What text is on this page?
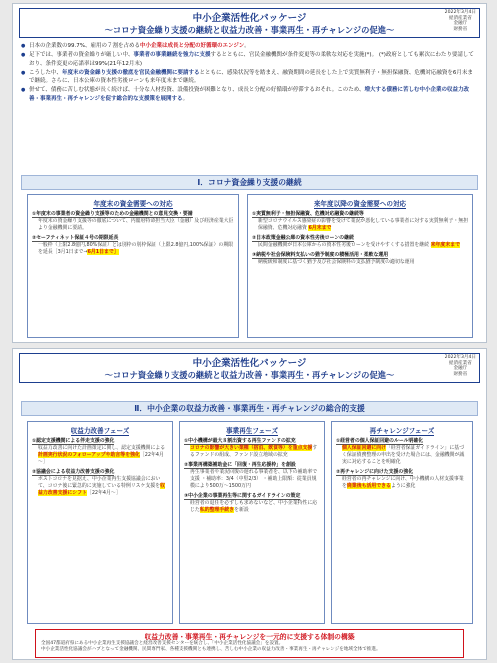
中小企業活性化パッケージ
～コロナ資金繰り支援の継続と収益力改善・事業再生・再チャレンジの促進～
2022年3月4日
経済産業省
金融庁
財務省
● 日本の企業数の99.7%、雇用の７割を占める中小企業は成長と分配の好循環のエンジン。
● 足下では、事業者の資金繰りが厳しい中、事業者の事業継続を強力に支援するとともに、官民金融機関が条件変更等の柔軟な対応を実施(*)。 (*)政府としても累次にわたり要請しており、条件変更の応諾率は99%(21年12月末)
● こうした中、年度末の資金繰り支援の徹底を官民金融機関に要請するとともに、感染状況等を踏まえ、融資期間の延長をした上で実質無利子・無担保融資、危機対応融資を6月末まで継続。さらに、日本公庫の資本性劣後ローンも来年度末まで継続。
● 併せて、債務に苦しむ状態が長く続けば、十分な人材投資、設備投資が困難となり、成長と分配の好循環が停滞するおそれ。このため、増大する債務に苦しむ中小企業の収益力改善・事業再生・再チャレンジを促す総合的な支援策を展開する。
Ⅰ．コロナ資金繰り支援の継続
年度末の資金需要への対応
①年度末の事業者の資金繰り支援等のための金融機関との意見交換・要請
年度末の資金繰り支援等の徹底について、内閣府特命担当大臣（金融）及び経済産業大臣より金融機関に要請。
②セーフティネット保証４号の期限延長
一般枠（上限2.8億円,80%保証）とは別枠の別枠保証（上限2.8億円,100%保証）の期限を延長［3月1日まで→6月1日まで］
来年度以降の資金需要への対応
①実質無利子・無担保融資、危機対応融資の継続等
新型コロナウイルス感染症の影響を受けて業況が悪化している事業者に対する実質無利子・無担保融資、危機対応融資 6月末まで
②日本政策金融公庫の資本性劣後ローンの継続
民間金融機関が日本公庫からの資本性劣後ローンを受けやすくする措置を継続 来年度末まで
③納税や社会保険料支払いの猶予制度の積極活用・柔軟な運用
納税緩和制度に基づく猶予及び社会保険料の支払猶予制度の適切な運用
中小企業活性化パッケージ
～コロナ資金繰り支援の継続と収益力改善・事業再生・再チャレンジの促進～
2022年3月4日
経済産業省
金融庁
財務省
Ⅱ．中小企業の収益力改善・事業再生・再チャレンジの総合的支援
収益力改善フェーズ
①認定支援機関による伴走支援の強化
収益力改善に向けた計画策定に関し、認定支援機関による計画実行状況のフォローアップや助言等を強化［22年4月～］
②協議会による収益力改善支援の強化
ポストコロナを見据え、中小企業再生支援協議会において、コロナ後に緊急的に実施している特例リスケ支援を収益力改善支援にシフト［22年4月～］
事業再生フェーズ
①中小機構が最大８割出資する再生ファンドの拡充
コロナの影響が大きい業種（宿泊、飲食等）を重点支援するファンドの組成、ファンド設立地域の拡充
②事業再構築補助金に「回復・再生応援枠」を創設
再生事業者や業況回復の遅れる事業者を、以下の補助率で支援 ・補助率：3/4（中堅2/3） ・補助上限額：従業員規模により500万～1500万円
③中小企業の事業再生等に関するガイドラインの策定
経営者の退任を必ずしも求めないなど、中小企業特性に応じた私的整理手続きを新設
再チャレンジフェーズ
①経営者の個人保証回避のルール明確化
個人保証回避に向け「経営者保証ガイドライン」に基づく保証債務整理の申出を受けた場合には、金融機関が誠実に対応することを明確化
②再チャレンジに向けた支援の強化
経営者の再チャレンジに向け、中小機構の人材支援事業を廃業後も活用できるように強化
収益力改善・事業再生・再チャレンジを一元的に支援する体制の構築
全国47都道府県にある中小企業再生支援協議会と経営改善支援センターを統合し、「中小企業活性化協議会」を設置。
中小企業活性化協議会がハブとなって金融機関、民間専門家、各種支援機関とも連携し、苦しむ中小企業の収益力改善・事業再生・再チャレンジを地域全体で推進。
